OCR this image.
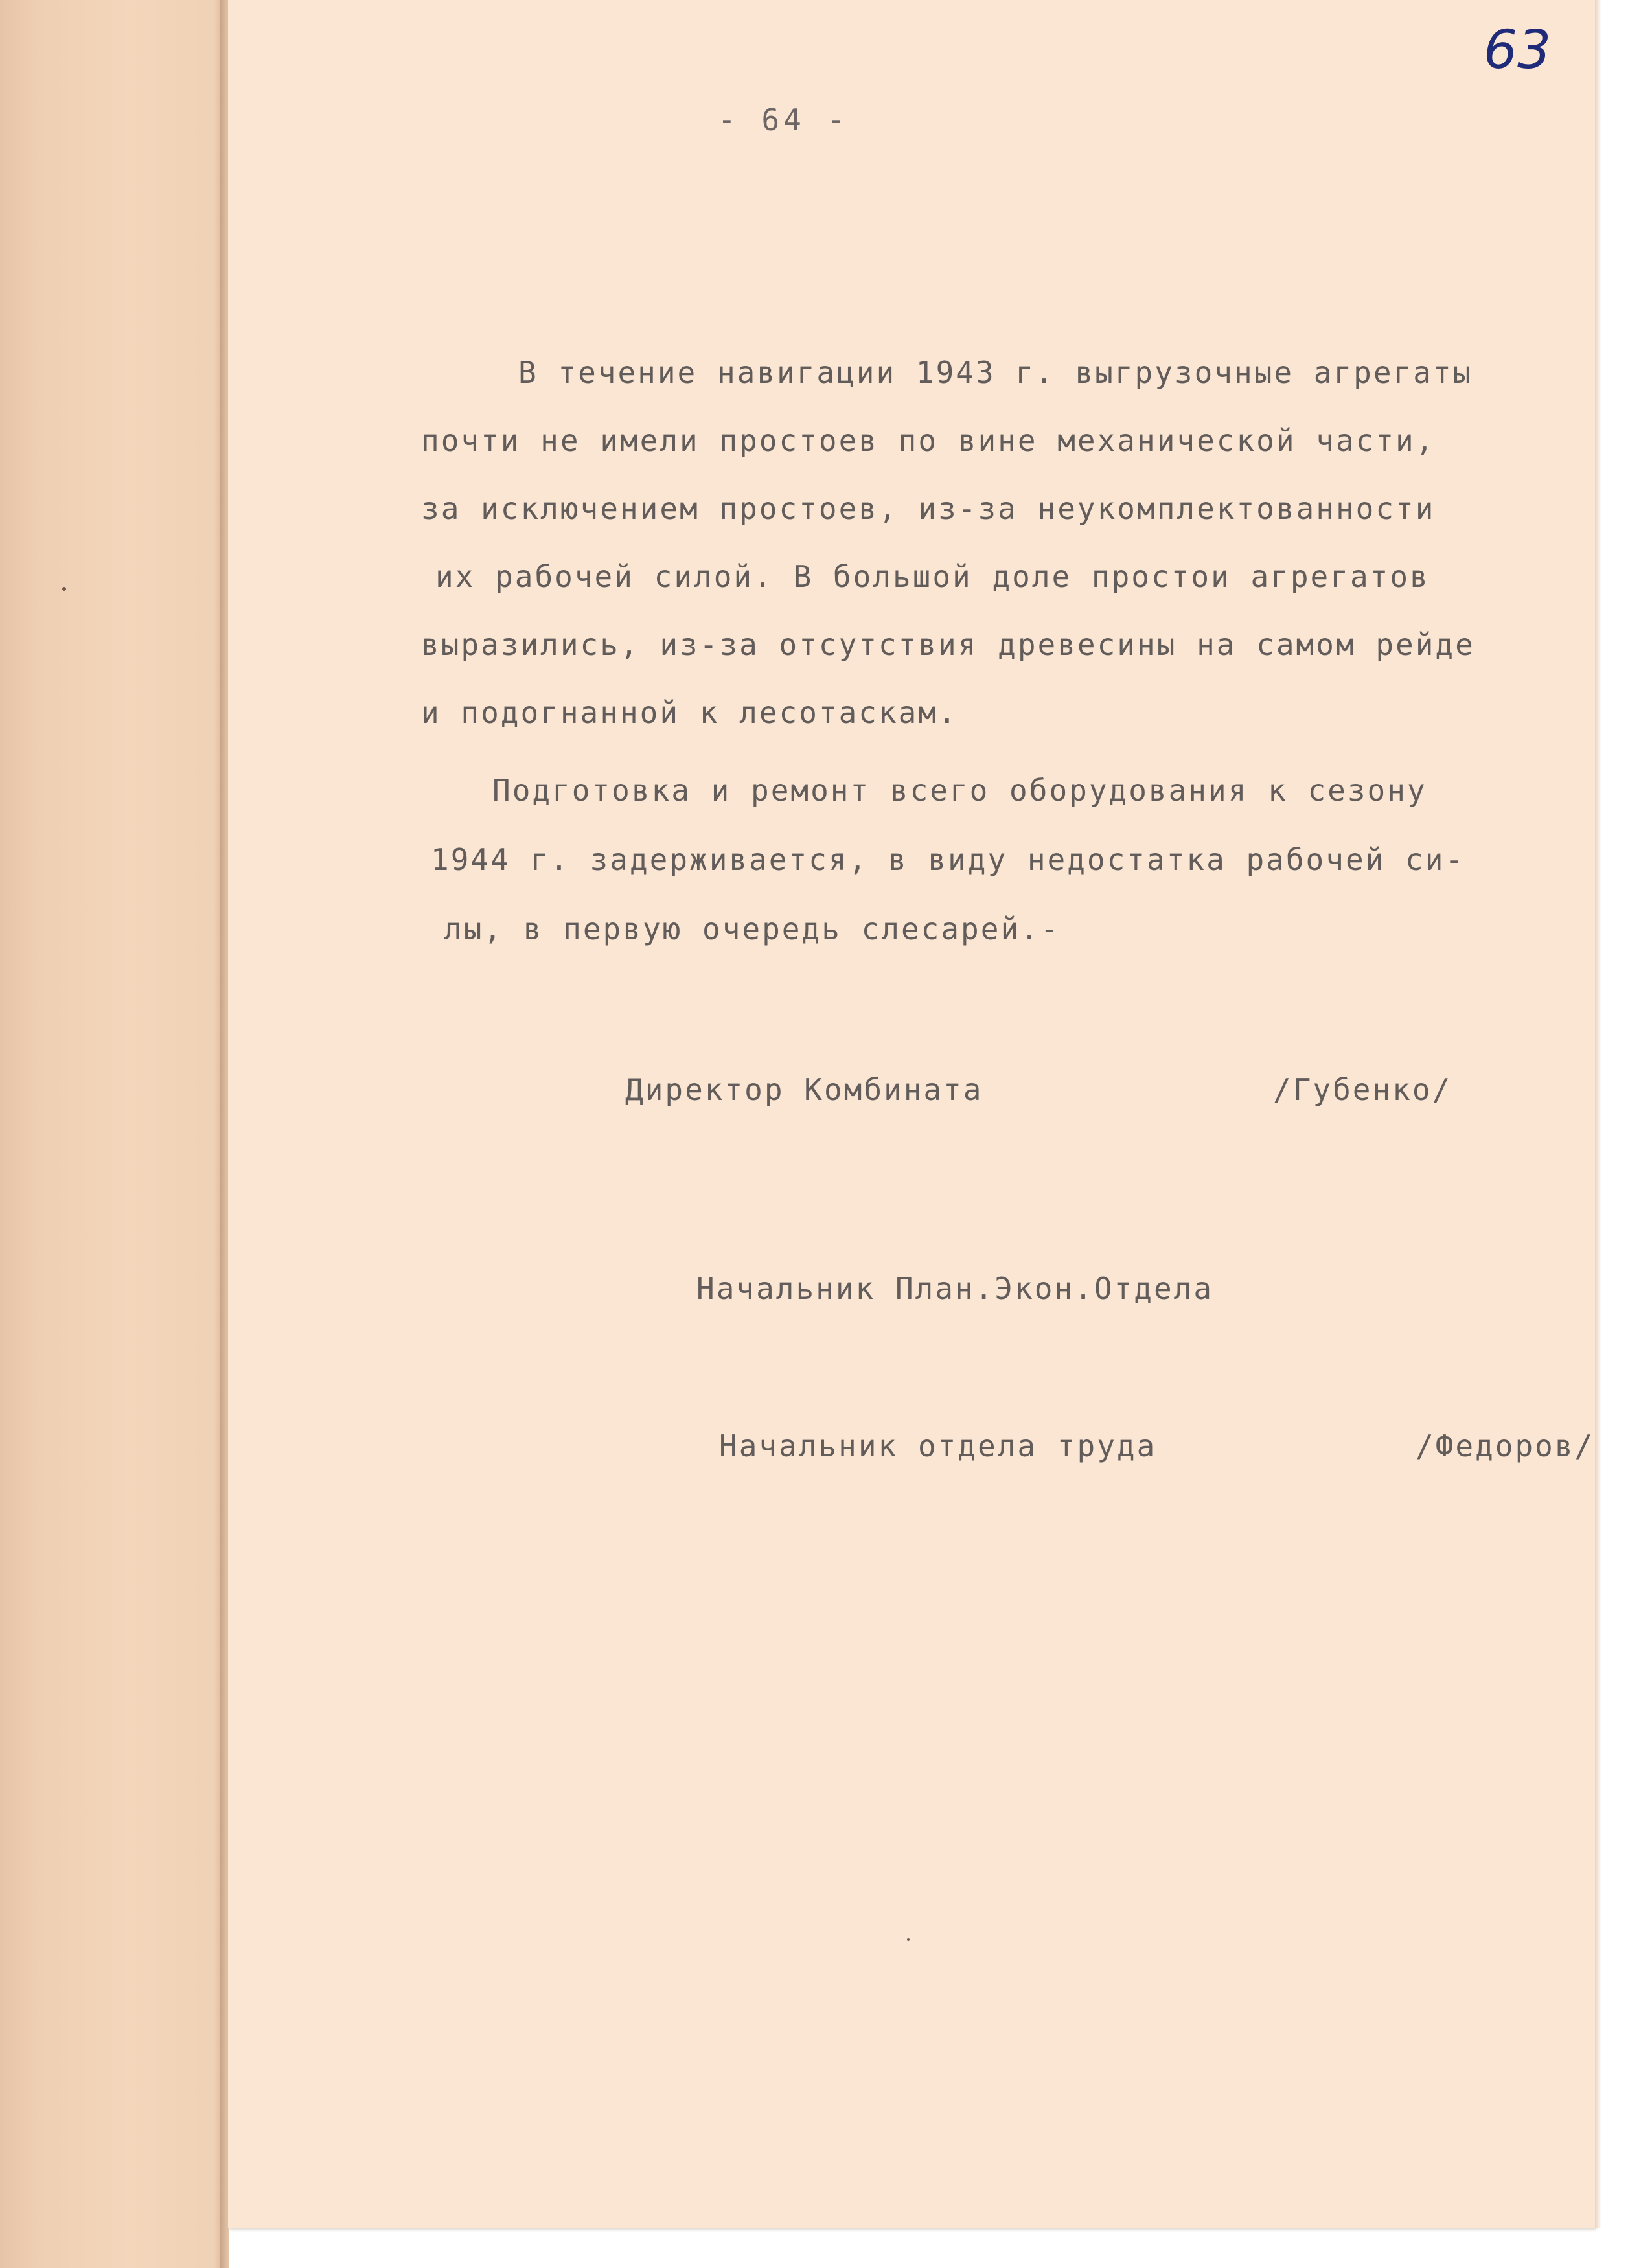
63
- 64 -
В течение навигации 1943 г. выгрузочные агрегаты
почти не имели простоев по вине механической части,
за исключением простоев, из-за неукомплектованности
их рабочей силой. В большой доле простои агрегатов
выразились, из-за отсутствия древесины на самом рейде
и подогнанной к лесотаскам.
Подготовка и ремонт всего оборудования к сезону
1944 г. задерживается, в виду недостатка рабочей си-
лы, в первую очередь слесарей.-
Директор Комбината	/Губенко/
Начальник План.Экон.Отдела
Начальник отдела труда	/Федоров/
